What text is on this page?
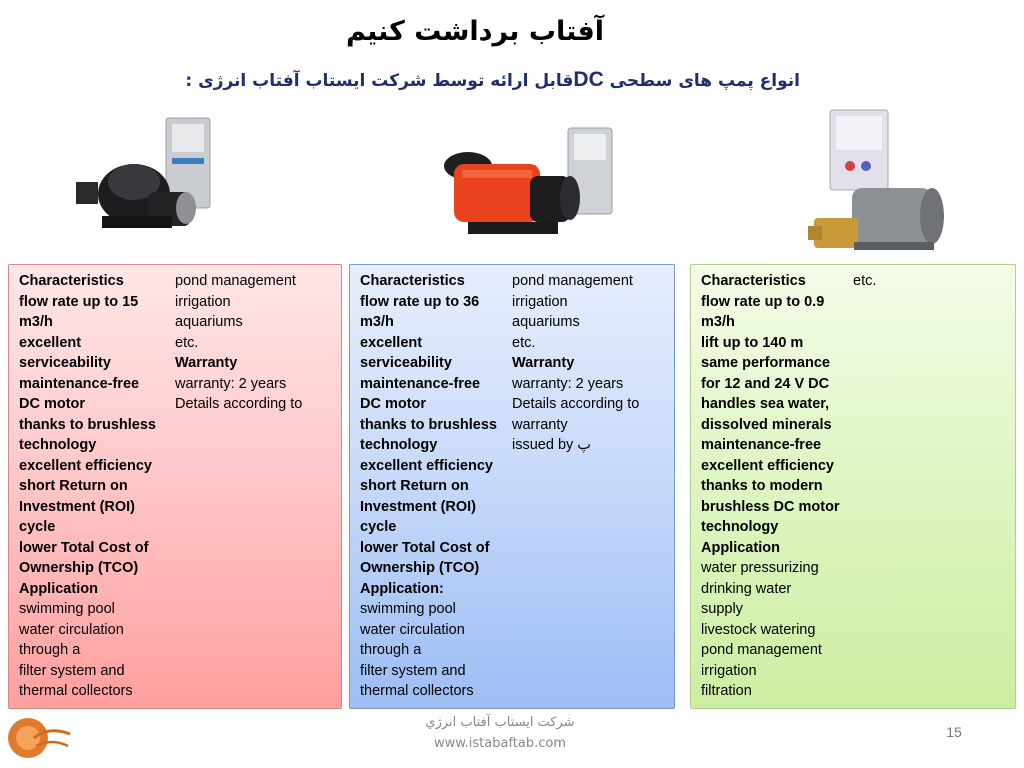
آفتاب برداشت کنیم
انواع پمپ های سطحی DCقابل ارائه توسط شرکت ایستاب آفتاب انرژی :
Characteristics
flow rate up to 15
m3/h
excellent
serviceability
maintenance-free
DC motor
thanks to brushless
technology
excellent efficiency
short Return on
Investment (ROI)
cycle
lower Total Cost of
Ownership (TCO)
Application
swimming pool
water circulation
through a
filter system and
thermal collectors
pond management
irrigation
aquariums
etc.
Warranty
warranty: 2 years
Details according to
Characteristics
flow rate up to 36
m3/h
excellent
serviceability
maintenance-free
DC motor
thanks to brushless
technology
excellent efficiency
short Return on
Investment (ROI)
cycle
lower Total Cost of
Ownership (TCO)
Application:
swimming pool
water circulation
through a
filter system and
thermal collectors
pond management
irrigation
aquariums
etc.
Warranty
warranty: 2 years
Details according to
warranty
issued by پ
Characteristics
flow rate up to 0.9
m3/h
lift up to 140 m
same performance
for 12 and 24 V DC
handles sea water,
dissolved minerals
maintenance-free
excellent efficiency
thanks to modern
brushless DC motor
technology
Application
water pressurizing
drinking water
supply
livestock watering
pond management
irrigation
filtration
etc.
شرکت ایستاب آفتاب انرژي
www.istabaftab.com
15
